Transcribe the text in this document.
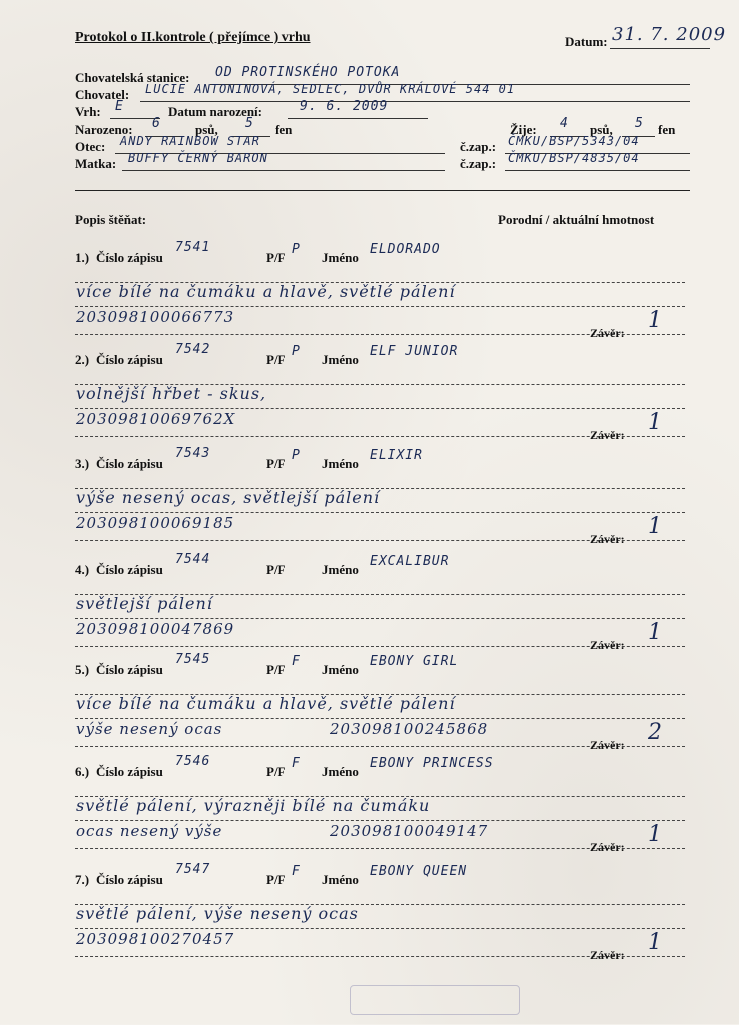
Protokol o II.kontrole ( přejímce ) vrhu	Datum: 31. 7. 2009
Chovatelská stanice: OD PROTINSKÉHO POTOKA
Chovatel: LUCIE ANTONINOVÁ, SEDLEC, DVŮR KRÁLOVÉ 544 01
Vrh: E	Datum narození:	9. 6. 2009
Narozeno: 6	psů, 5 fen	Žije: 4 psů, 5 fen
Otec: ANDY RAINBOW STAR	č.zap.: ČMKU/BSP/5343/04
Matka: BUFFY ČERNÝ BARON	č.zap.: ČMKU/BSP/4835/04
Popis štěňat:	Porodní / aktuální hmotnost
1.) Číslo zápisu
7541
P/F
P
Jméno
ELDORADO
více bílé na čumáku a hlavě, světlé pálení
203098100066773
Závěr: 1
2.) Číslo zápisu
7542
P/F
P
Jméno
ELF JUNIOR
volnější hřbet - skus,
20309810069762X
Závěr: 1
3.) Číslo zápisu
7543
P/F
P
Jméno
ELIXIR
výše nesený ocas, světlejší pálení
203098100069185
Závěr: 1
4.) Číslo zápisu
7544
P/F	Jméno
EXCALIBUR
světlejší pálení
203098100047869
Závěr: 1
5.) Číslo zápisu
7545
P/F
F
Jméno
EBONY GIRL
více bílé na čumáku a hlavě, světlé pálení
výše nesený ocas	203098100245868
Závěr: 2
6.) Číslo zápisu
7546
P/F
F
Jméno
EBONY PRINCESS
světlé pálení, výrazněji bílé na čumáku
ocas nesený výše	203098100049147
Závěr: 1
7.) Číslo zápisu
7547
P/F
F
Jméno
EBONY QUEEN
světlé pálení, výše nesený ocas
203098100270457
Závěr: 1
